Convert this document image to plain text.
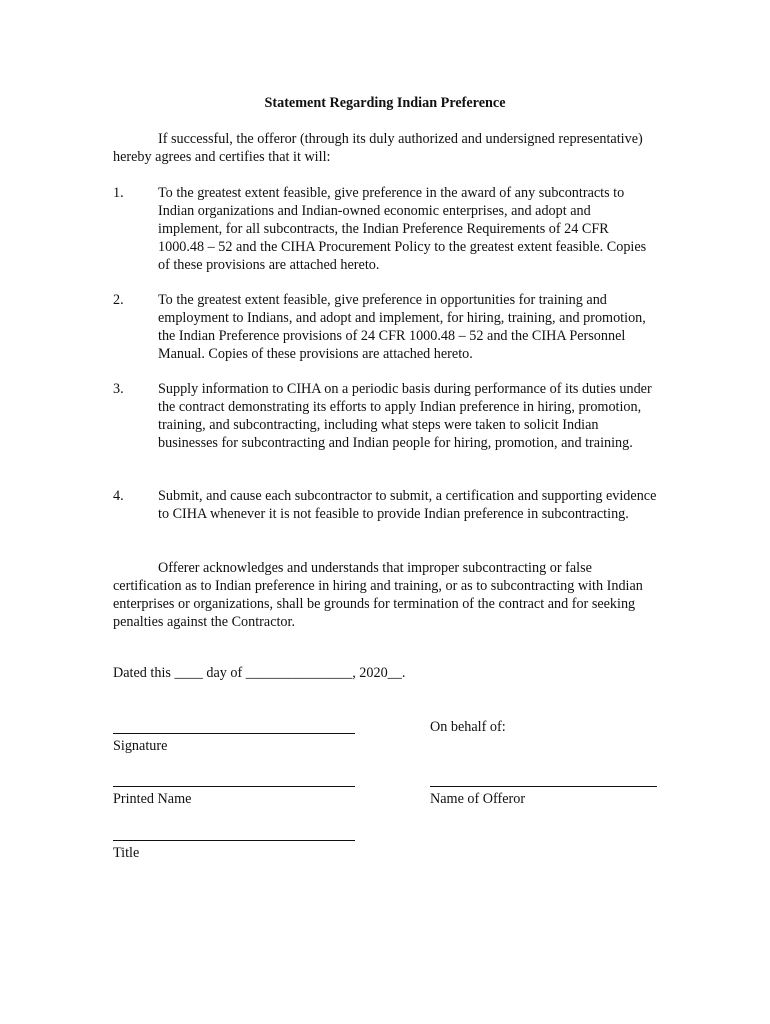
Statement Regarding Indian Preference
If successful, the offeror (through its duly authorized and undersigned representative) hereby agrees and certifies that it will:
1. To the greatest extent feasible, give preference in the award of any subcontracts to Indian organizations and Indian-owned economic enterprises, and adopt and implement, for all subcontracts, the Indian Preference Requirements of 24 CFR 1000.48 – 52 and the CIHA Procurement Policy to the greatest extent feasible. Copies of these provisions are attached hereto.
2. To the greatest extent feasible, give preference in opportunities for training and employment to Indians, and adopt and implement, for hiring, training, and promotion, the Indian Preference provisions of 24 CFR 1000.48 – 52 and the CIHA Personnel Manual. Copies of these provisions are attached hereto.
3. Supply information to CIHA on a periodic basis during performance of its duties under the contract demonstrating its efforts to apply Indian preference in hiring, promotion, training, and subcontracting, including what steps were taken to solicit Indian businesses for subcontracting and Indian people for hiring, promotion, and training.
4. Submit, and cause each subcontractor to submit, a certification and supporting evidence to CIHA whenever it is not feasible to provide Indian preference in subcontracting.
Offerer acknowledges and understands that improper subcontracting or false certification as to Indian preference in hiring and training, or as to subcontracting with Indian enterprises or organizations, shall be grounds for termination of the contract and for seeking penalties against the Contractor.
Dated this ____ day of _______________, 2020__.
Signature
On behalf of:
Printed Name	Name of Offeror
Title
